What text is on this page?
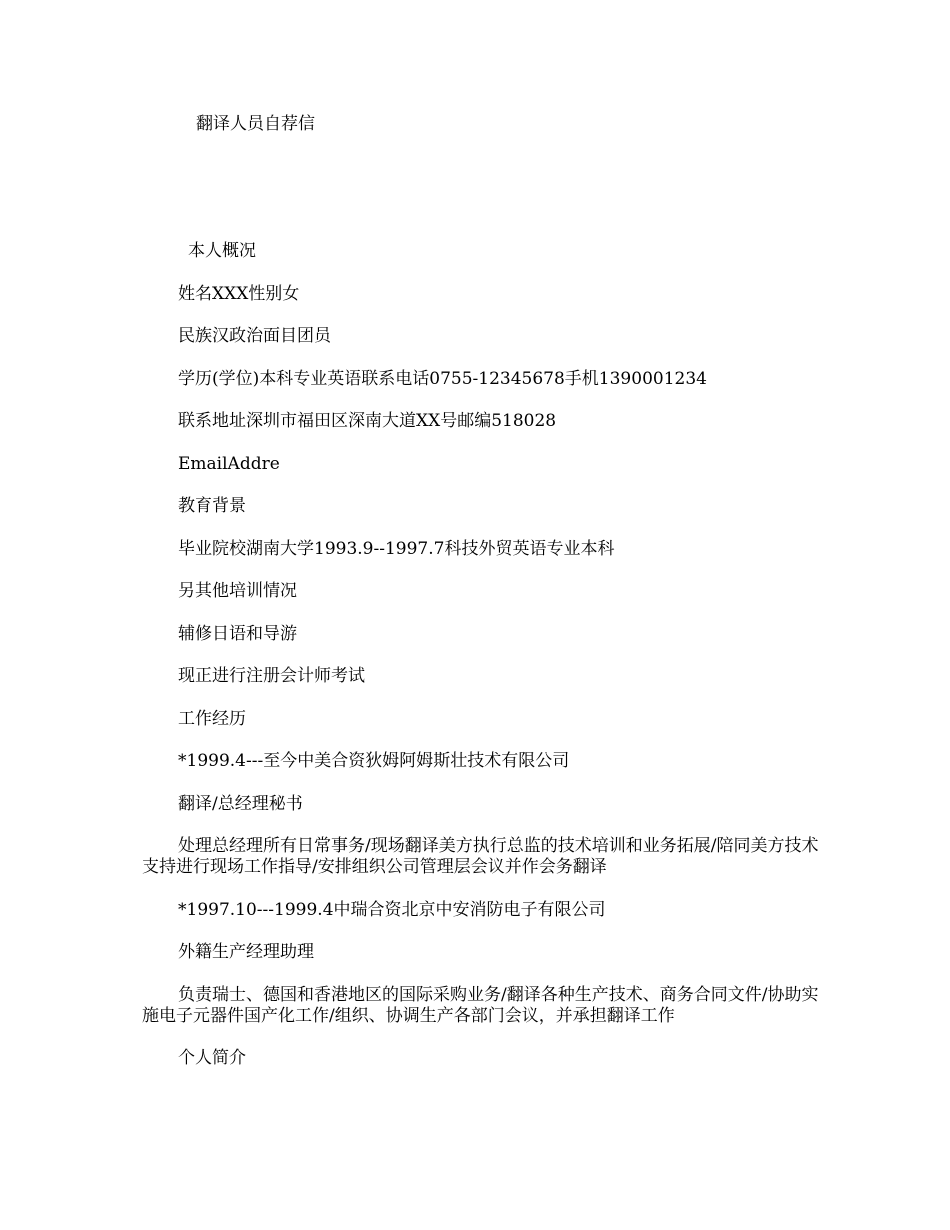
翻译人员自荐信
本人概况
姓名XXX性别女
民族汉政治面目团员
学历(学位)本科专业英语联系电话0755-12345678手机1390001234
联系地址深圳市福田区深南大道XX号邮编518028
EmailAddre
教育背景
毕业院校湖南大学1993.9--1997.7科技外贸英语专业本科
另其他培训情况
辅修日语和导游
现正进行注册会计师考试
工作经历
*1999.4---至今中美合资狄姆阿姆斯壮技术有限公司
翻译/总经理秘书
处理总经理所有日常事务/现场翻译美方执行总监的技术培训和业务拓展/陪同美方技术支持进行现场工作指导/安排组织公司管理层会议并作会务翻译
*1997.10---1999.4中瑞合资北京中安消防电子有限公司
外籍生产经理助理
负责瑞士、德国和香港地区的国际采购业务/翻译各种生产技术、商务合同文件/协助实施电子元器件国产化工作/组织、协调生产各部门会议，并承担翻译工作
个人简介
